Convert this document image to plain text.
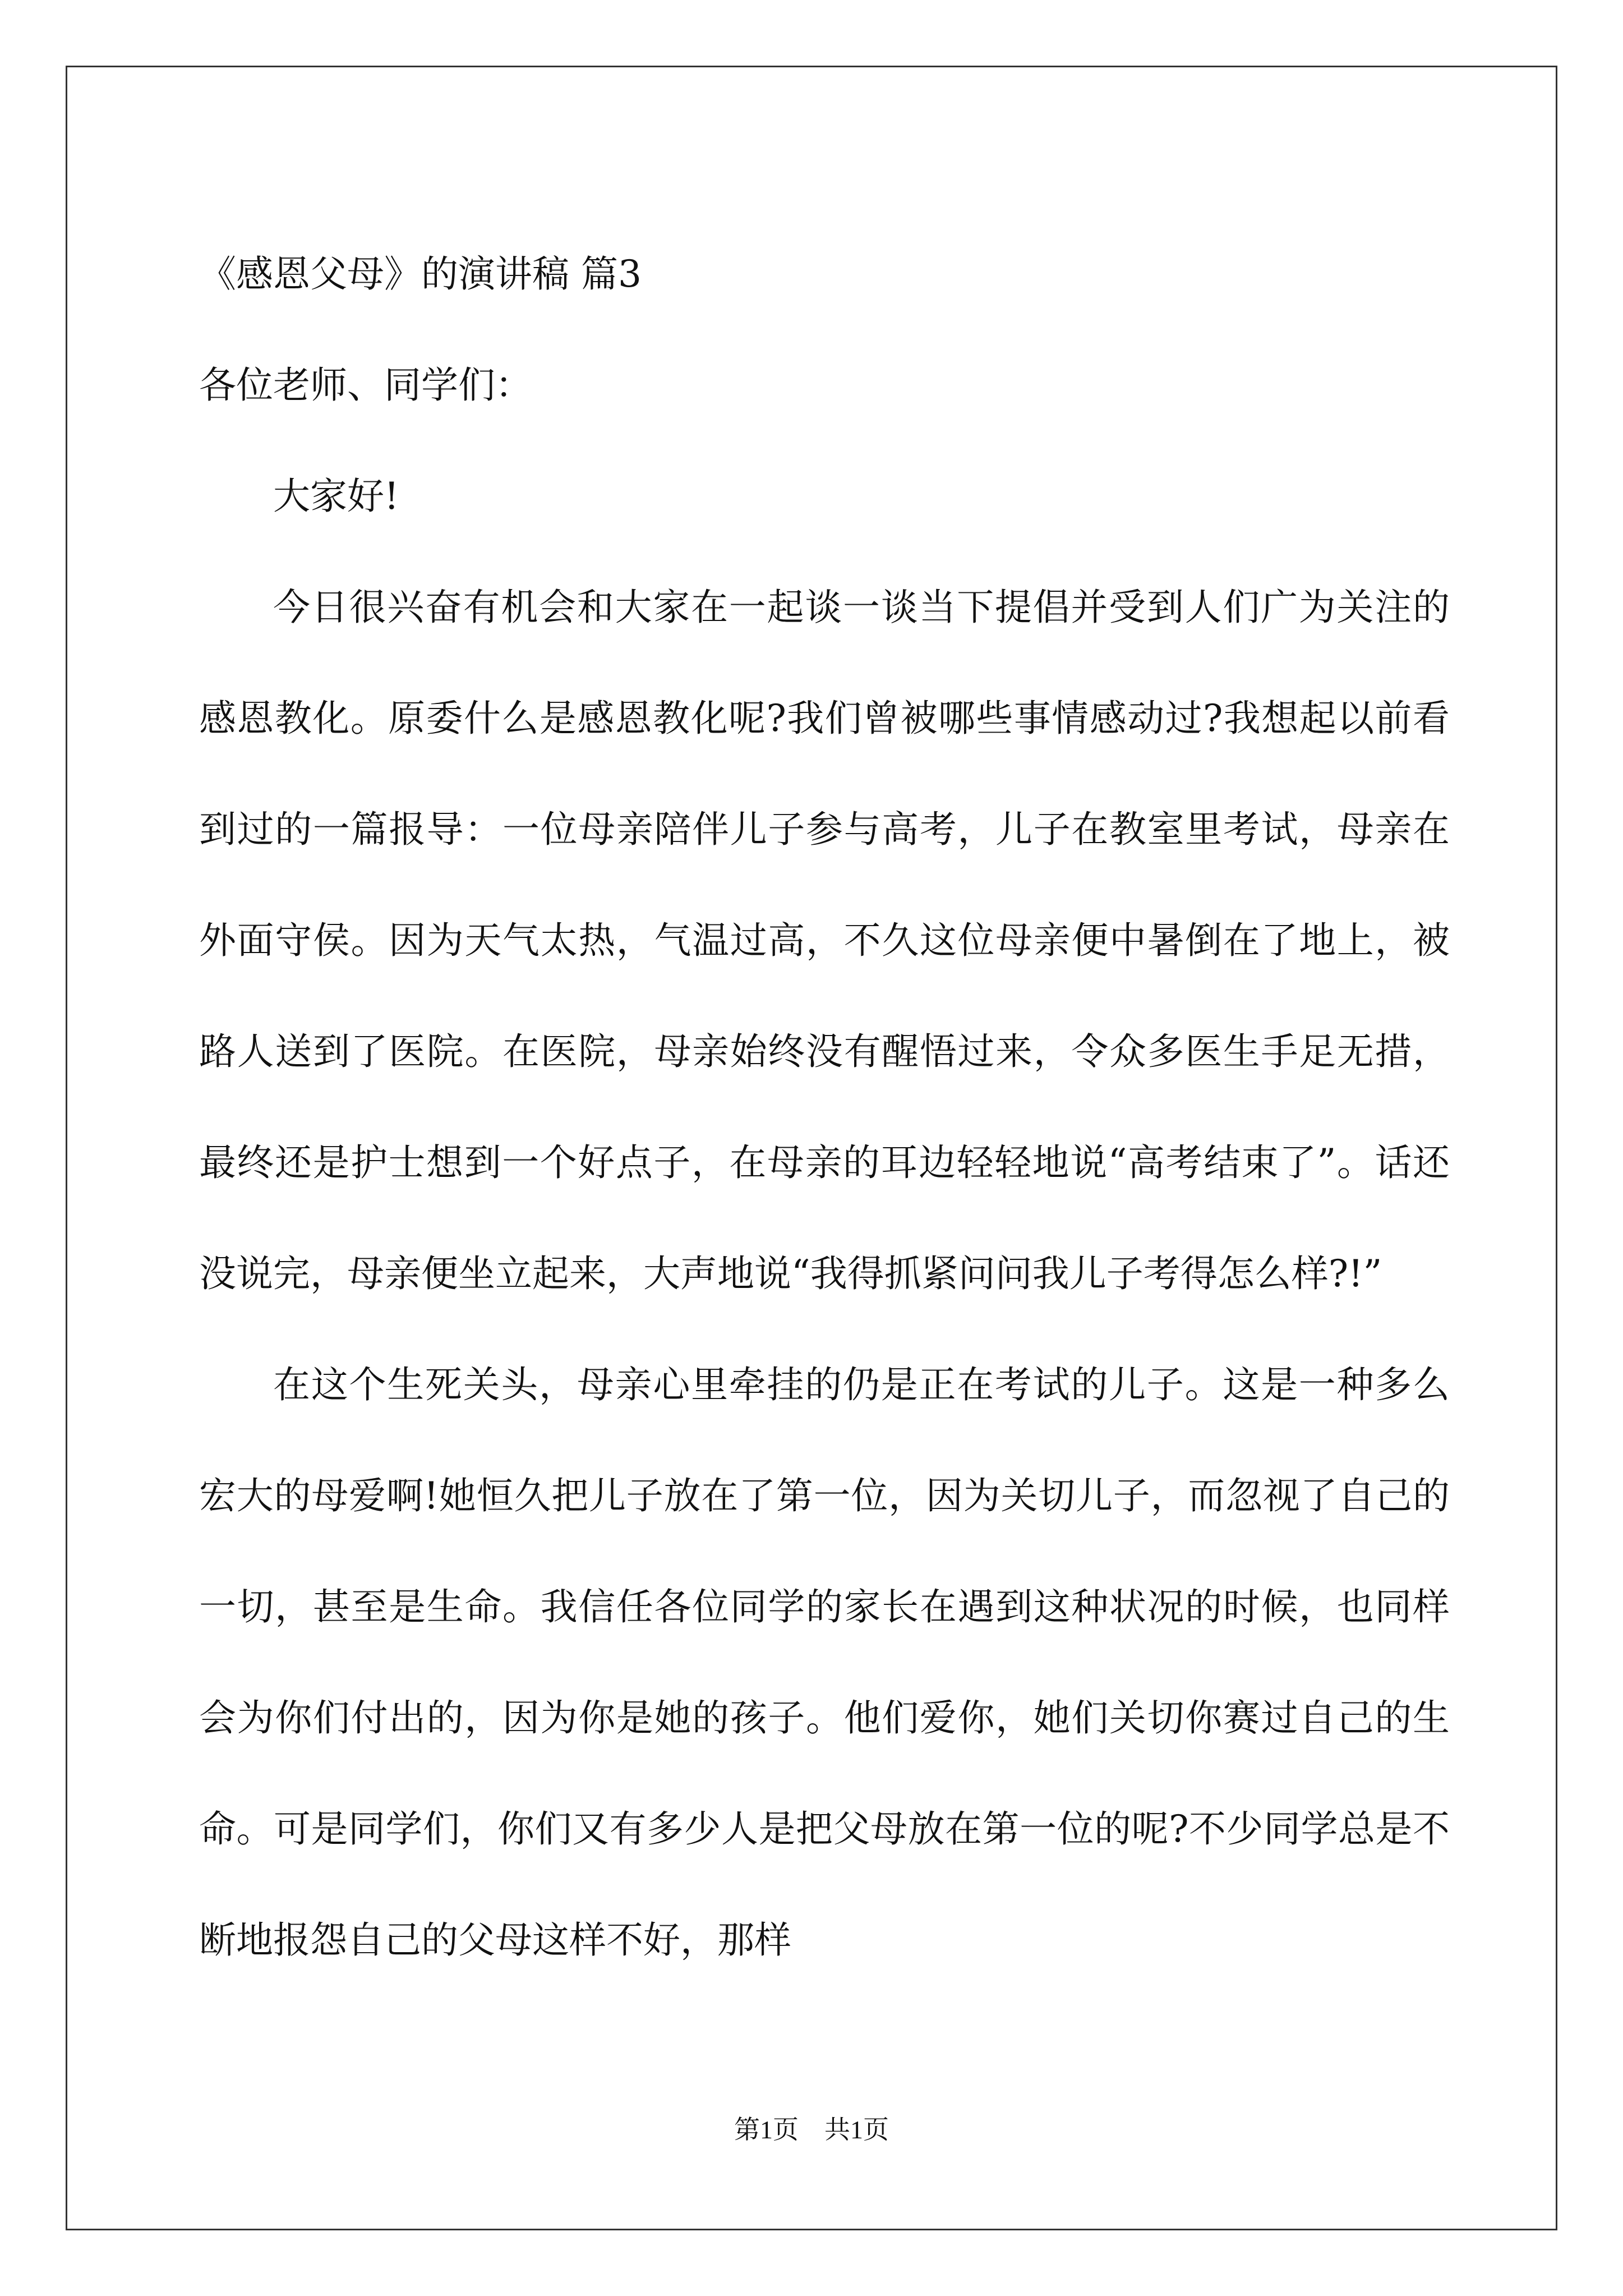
《感恩父母》的演讲稿 篇3

各位老师、同学们：

大家好!

今日很兴奋有机会和大家在一起谈一谈当下提倡并受到人们广为关注的感恩教化。原委什么是感恩教化呢?我们曾被哪些事情感动过?我想起以前看到过的一篇报导：一位母亲陪伴儿子参与高考，儿子在教室里考试，母亲在外面守侯。因为天气太热，气温过高，不久这位母亲便中暑倒在了地上，被路人送到了医院。在医院，母亲始终没有醒悟过来，令众多医生手足无措，最终还是护士想到一个好点子，在母亲的耳边轻轻地说“高考结束了”。话还没说完，母亲便坐立起来，大声地说“我得抓紧问问我儿子考得怎么样?!”

在这个生死关头，母亲心里牵挂的仍是正在考试的儿子。这是一种多么宏大的母爱啊!她恒久把儿子放在了第一位，因为关切儿子，而忽视了自己的一切，甚至是生命。我信任各位同学的家长在遇到这种状况的时候，也同样会为你们付出的，因为你是她的孩子。他们爱你，她们关切你赛过自己的生命。可是同学们，你们又有多少人是把父母放在第一位的呢?不少同学总是不断地报怨自己的父母这样不好，那样

第1页　共1页
